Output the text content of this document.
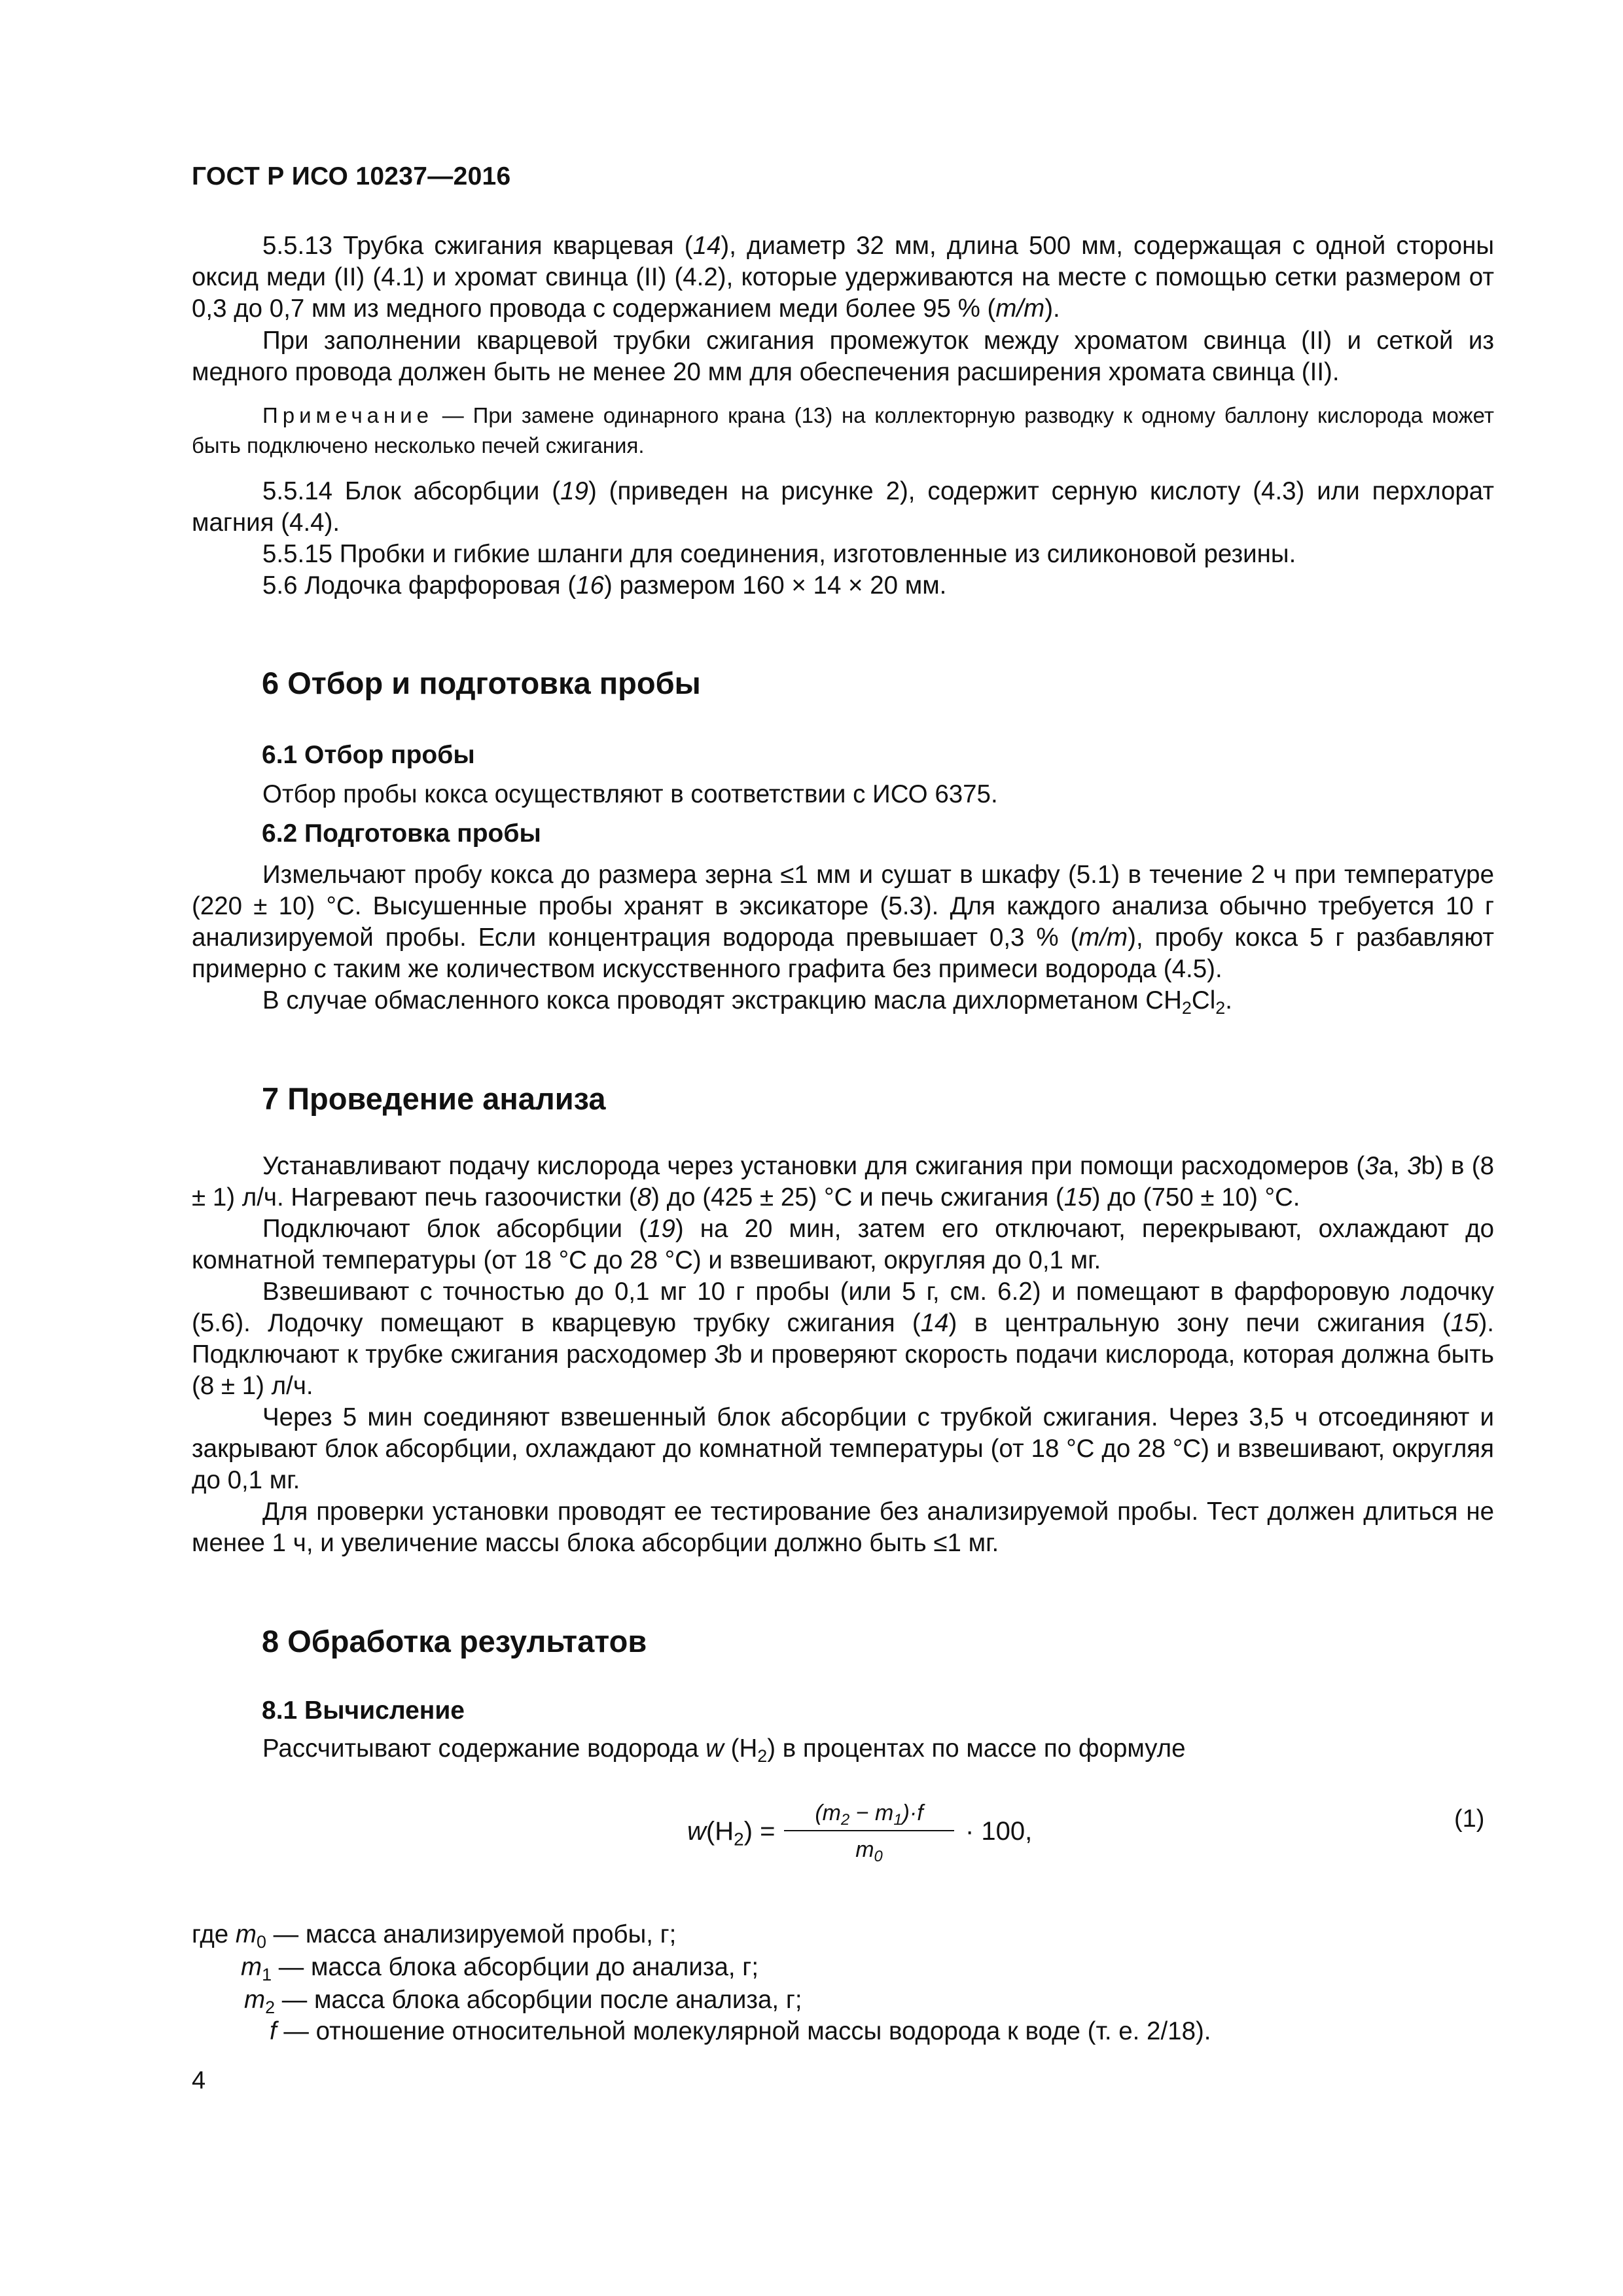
ГОСТ Р ИСО 10237—2016

5.5.13 Трубка сжигания кварцевая (14), диаметр 32 мм, длина 500 мм, содержащая с одной стороны оксид меди (II) (4.1) и хромат свинца (II) (4.2), которые удерживаются на месте с помощью сетки размером от 0,3 до 0,7 мм из медного провода с содержанием меди более 95 % (m/m).

При заполнении кварцевой трубки сжигания промежуток между хроматом свинца (II) и сеткой из медного провода должен быть не менее 20 мм для обеспечения расширения хромата свинца (II).

Примечание — При замене одинарного крана (13) на коллекторную разводку к одному баллону кислорода может быть подключено несколько печей сжигания.

5.5.14 Блок абсорбции (19) (приведен на рисунке 2), содержит серную кислоту (4.3) или перхлорат магния (4.4).

5.5.15 Пробки и гибкие шланги для соединения, изготовленные из силиконовой резины.

5.6 Лодочка фарфоровая (16) размером 160 × 14 × 20 мм.

6 Отбор и подготовка пробы
6.1 Отбор пробы

Отбор пробы кокса осуществляют в соответствии с ИСО 6375.

6.2 Подготовка пробы

Измельчают пробу кокса до размера зерна ≤1 мм и сушат в шкафу (5.1) в течение 2 ч при температуре (220 ± 10) °С. Высушенные пробы хранят в эксикаторе (5.3). Для каждого анализа обычно требуется 10 г анализируемой пробы. Если концентрация водорода превышает 0,3 % (m/m), пробу кокса 5 г разбавляют примерно с таким же количеством искусственного графита без примеси водорода (4.5).

В случае обмасленного кокса проводят экстракцию масла дихлорметаном $CH_2Cl_2$.

7 Проведение анализа

Устанавливают подачу кислорода через установки для сжигания при помощи расходомеров (3а, 3b) в (8 ± 1) л/ч. Нагревают печь газоочистки (8) до (425 ± 25) °С и печь сжигания (15) до (750 ± 10) °С.

Подключают блок абсорбции (19) на 20 мин, затем его отключают, перекрывают, охлаждают до комнатной температуры (от 18 °С до 28 °С) и взвешивают, округляя до 0,1 мг.

Взвешивают с точностью до 0,1 мг 10 г пробы (или 5 г, см. 6.2) и помещают в фарфоровую лодочку (5.6). Лодочку помещают в кварцевую трубку сжигания (14) в центральную зону печи сжигания (15). Подключают к трубке сжигания расходомер 3b и проверяют скорость подачи кислорода, которая должна быть (8 ± 1) л/ч.

Через 5 мин соединяют взвешенный блок абсорбции с трубкой сжигания. Через 3,5 ч отсоединяют и закрывают блок абсорбции, охлаждают до комнатной температуры (от 18 °С до 28 °С) и взвешивают, округляя до 0,1 мг.

Для проверки установки проводят ее тестирование без анализируемой пробы. Тест должен длиться не менее 1 ч, и увеличение массы блока абсорбции должно быть ≤1 мг.

8 Обработка результатов
8.1 Вычисление

Рассчитывают содержание водорода w $(H_2)$ в процентах по массе по формуле

$w(H_2)$ =
$(m_2 - m_1)\cdot f$
$m_0$
· 100,	(1)
где $m_0$ — масса анализируемой пробы, г;
$m_1$ — масса блока абсорбции до анализа, г;
$m_2$ — масса блока абсорбции после анализа, г;
f — отношение относительной молекулярной массы водорода к воде (т. е. 2/18).
4
